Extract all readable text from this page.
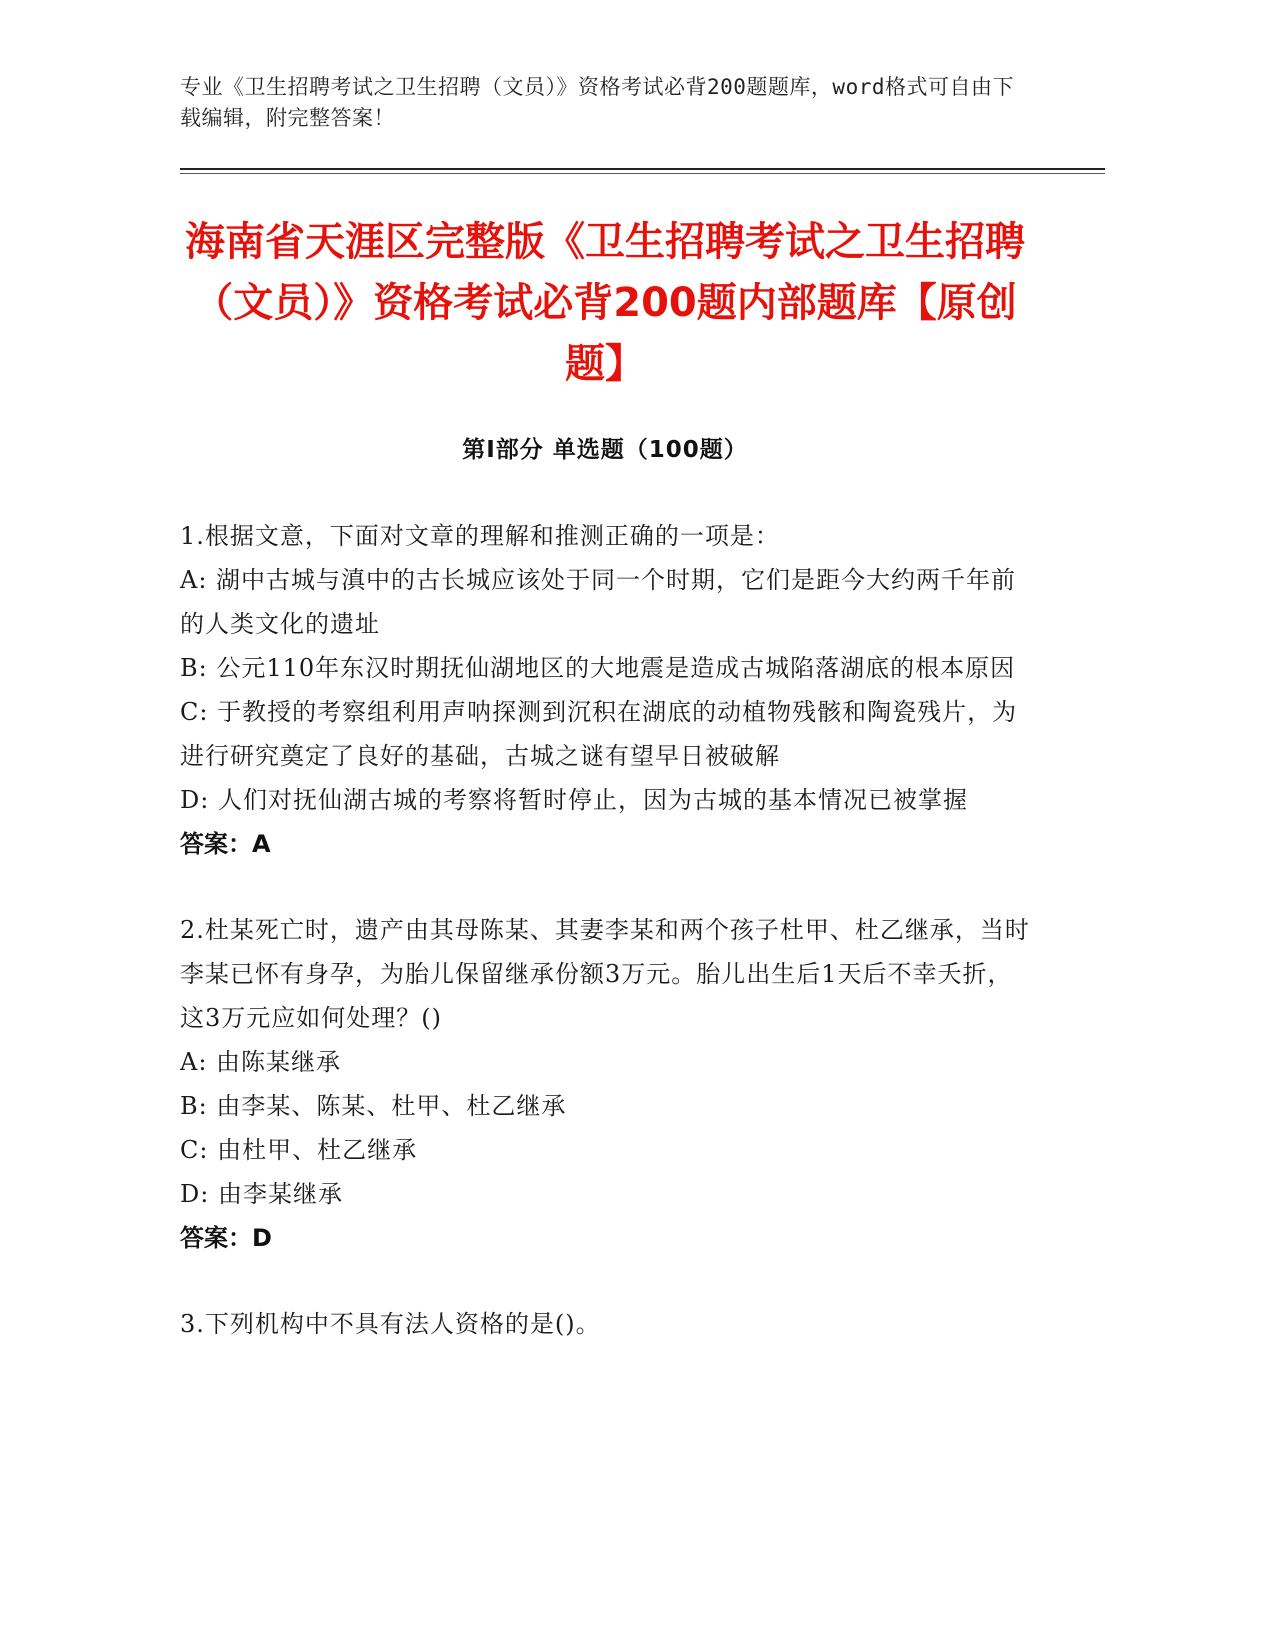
专业《卫生招聘考试之卫生招聘（文员）》资格考试必背200题题库，word格式可自由下载编辑，附完整答案！
海南省天涯区完整版《卫生招聘考试之卫生招聘（文员）》资格考试必背200题内部题库【原创题】
第I部分 单选题（100题）
1.根据文意，下面对文章的理解和推测正确的一项是：
A: 湖中古城与滇中的古长城应该处于同一个时期，它们是距今大约两千年前的人类文化的遗址
B: 公元110年东汉时期抚仙湖地区的大地震是造成古城陷落湖底的根本原因
C: 于教授的考察组利用声呐探测到沉积在湖底的动植物残骸和陶瓷残片，为进行研究奠定了良好的基础，古城之谜有望早日被破解
D: 人们对抚仙湖古城的考察将暂时停止，因为古城的基本情况已被掌握
答案：A
2.杜某死亡时，遗产由其母陈某、其妻李某和两个孩子杜甲、杜乙继承，当时李某已怀有身孕，为胎儿保留继承份额3万元。胎儿出生后1天后不幸夭折，这3万元应如何处理？()
A: 由陈某继承
B: 由李某、陈某、杜甲、杜乙继承
C: 由杜甲、杜乙继承
D: 由李某继承
答案：D
3.下列机构中不具有法人资格的是()。
